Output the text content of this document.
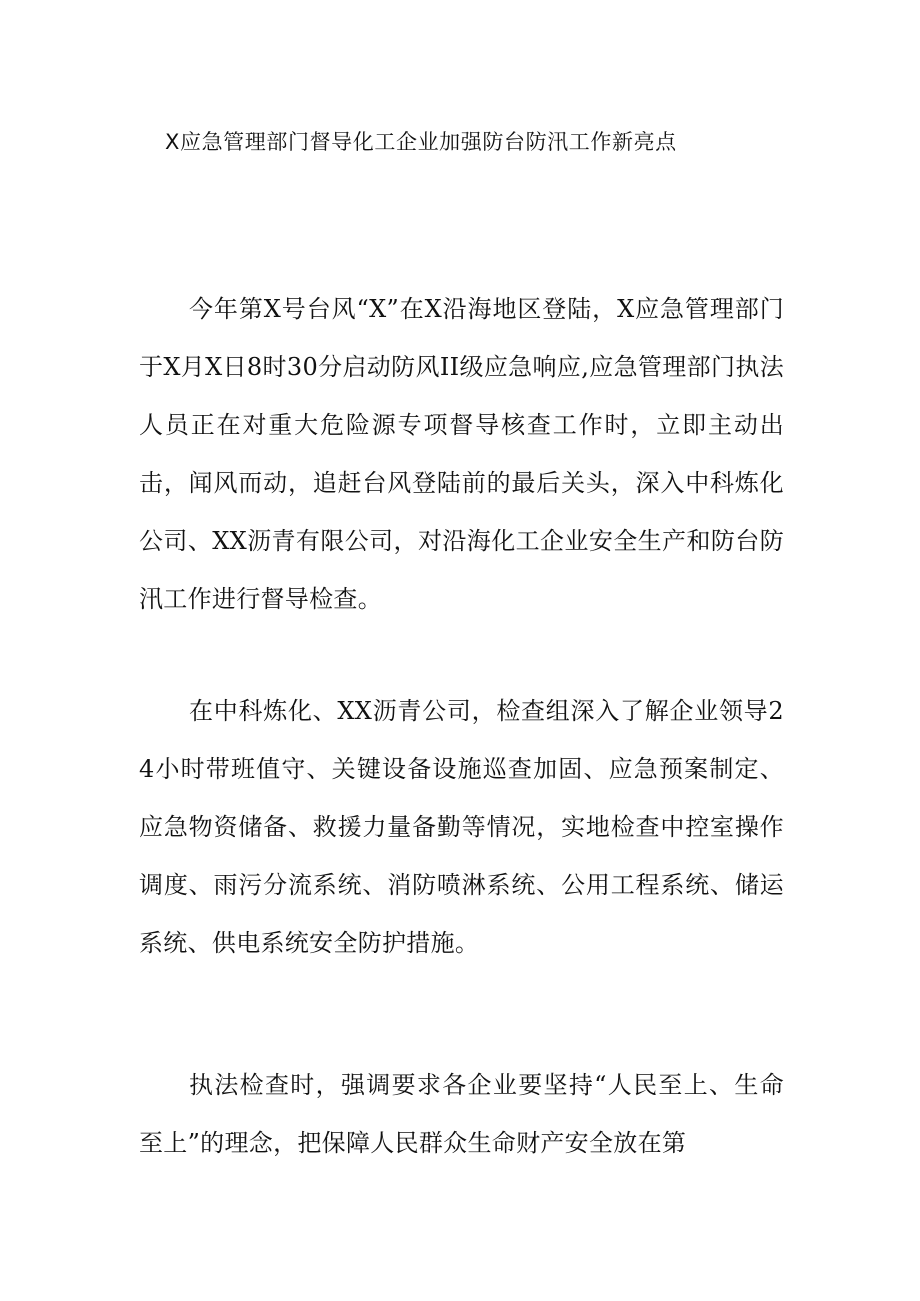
X应急管理部门督导化工企业加强防台防汛工作新亮点

今年第X号台风“X”在X沿海地区登陆，X应急管理部门于X月X日8时30分启动防风II级应急响应,应急管理部门执法人员正在对重大危险源专项督导核查工作时，立即主动出击，闻风而动，追赶台风登陆前的最后关头，深入中科炼化公司、XX沥青有限公司，对沿海化工企业安全生产和防台防汛工作进行督导检查。

在中科炼化、XX沥青公司，检查组深入了解企业领导24小时带班值守、关键设备设施巡查加固、应急预案制定、应急物资储备、救援力量备勤等情况，实地检查中控室操作调度、雨污分流系统、消防喷淋系统、公用工程系统、储运系统、供电系统安全防护措施。

执法检查时，强调要求各企业要坚持“人民至上、生命至上”的理念，把保障人民群众生命财产安全放在第
